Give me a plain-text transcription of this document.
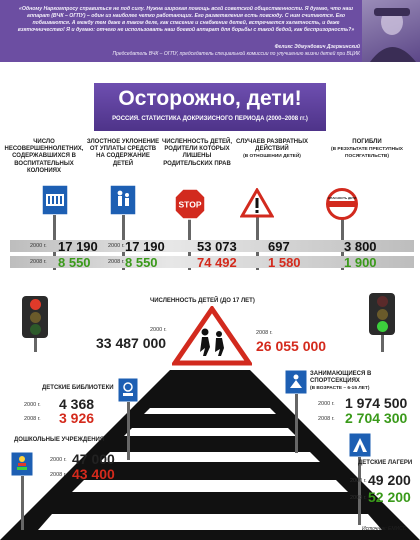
«Одному Наркомпросу справиться не под силу. Нужна широкая помощь всей советской общественности. Я думаю, что наш аппарат (ВЧК – ОГПУ) – один из наиболее четко работающих. Его разветвления есть повсюду. С ним считаются. Его побаиваются. А между тем даже в таком деле, как спасение и снабжение детей, встречается халатность, и даже взяточничество! Я и думаю: отчего не использовать наш боевой аппарат для борьбы с такой бедой, как беспризорность?»
Феликс Эдмундович Дзержинский
Председатель ВЧК – ОГПУ, председатель специальной комиссии по улучшению жизни детей при ВЦИК
Осторожно, дети!
РОССИЯ. СТАТИСТИКА ДОКРИЗИСНОГО ПЕРИОДА (2000–2008 гг.)
ЧИСЛО НЕСОВЕРШЕННОЛЕТНИХ, СОДЕРЖАВШИХСЯ В ВОСПИТАТЕЛЬНЫХ КОЛОНИЯХ
ЗЛОСТНОЕ УКЛОНЕНИЕ ОТ УПЛАТЫ СРЕДСТВ НА СОДЕРЖАНИЕ ДЕТЕЙ
ЧИСЛЕННОСТЬ ДЕТЕЙ, РОДИТЕЛИ КОТОРЫХ ЛИШЕНЫ РОДИТЕЛЬСКИХ ПРАВ
СЛУЧАЕВ РАЗВРАТНЫХ ДЕЙСТВИЙ
(В ОТНОШЕНИИ ДЕТЕЙ)
ПОГИБЛИ
(В РЕЗУЛЬТАТЕ ПРЕСТУПНЫХ ПОСЯГАТЕЛЬСТВ)
STOP
ОПАСНОСТЬ ДЕТИ
2000 г.
2008 г.
17 190
8 550
2000 г.
2008 г.
17 190
8 550
53 073
74 492
697
1 580
3 800
1 900
ЧИСЛЕННОСТЬ ДЕТЕЙ (ДО 17 ЛЕТ)
2000 г.
33 487 000
2008 г.
26 055 000
ДЕТСКИЕ БИБЛИОТЕКИ
2000 г. 4 368
2008 г. 3 926
ЗАНИМАЮЩИЕСЯ В СПОРТСЕКЦИЯХ
(В ВОЗРАСТЕ – 6-15 ЛЕТ)
2000 г. 1 974 500
2008 г. 2 704 300
ДОШКОЛЬНЫЕ УЧРЕЖДЕНИЯ
2000 г. 47 000
2008 г. 43 400
ДЕТСКИЕ ЛАГЕРИ
2000 г. 49 200
2008 г. 52 200
Источник: ЕМИСС
